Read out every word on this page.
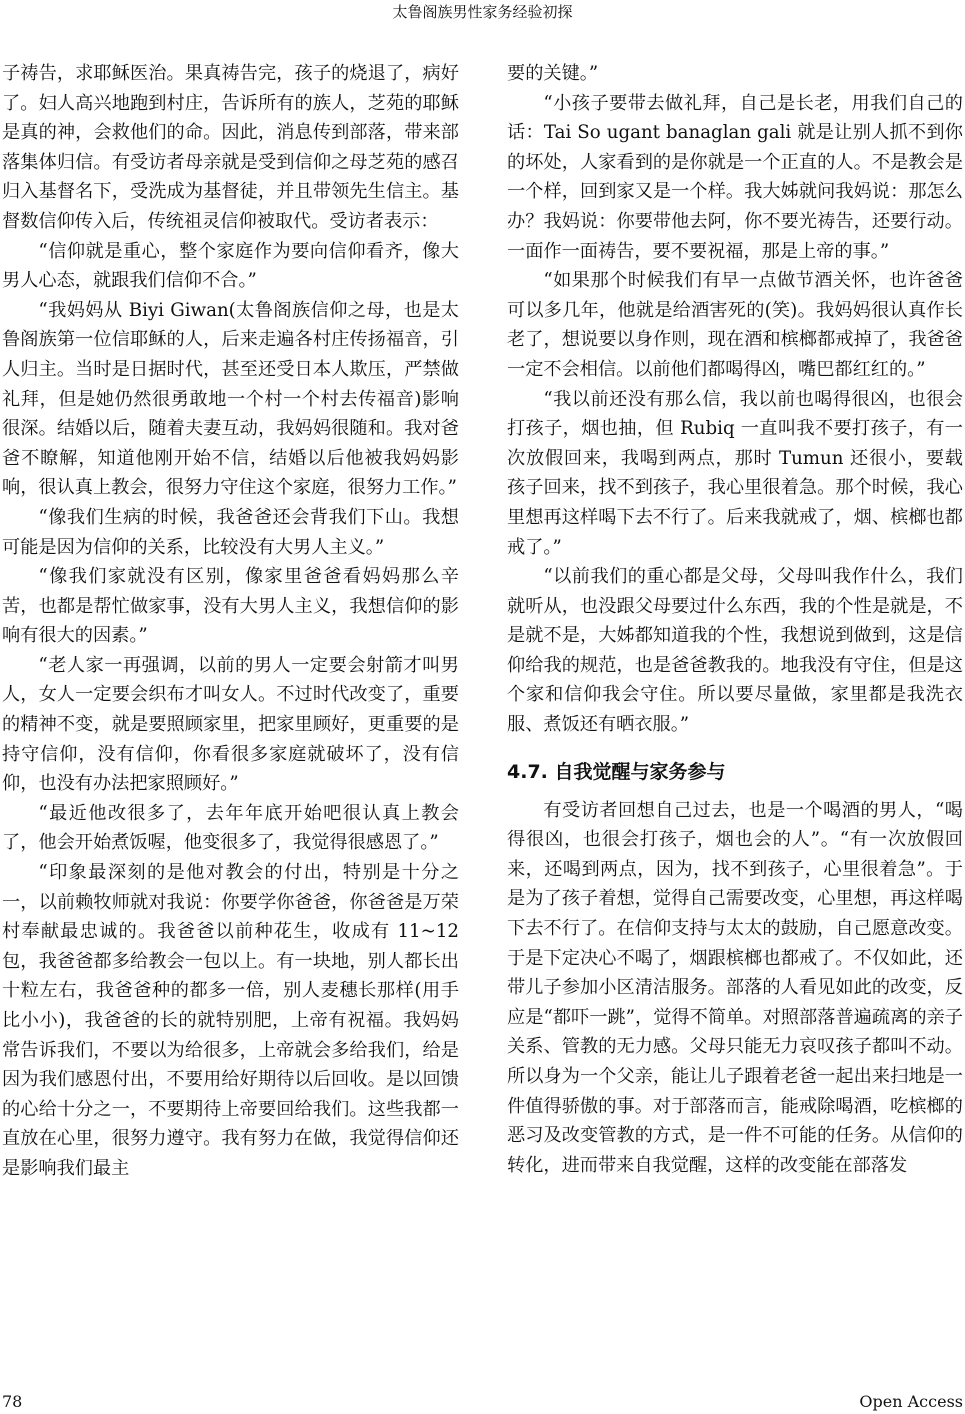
太鲁阁族男性家务经验初探

子祷告，求耶稣医治。果真祷告完，孩子的烧退了，病好了。妇人高兴地跑到村庄，告诉所有的族人，芝苑的耶稣是真的神，会救他们的命。因此，消息传到部落，带来部落集体归信。有受访者母亲就是受到信仰之母芝苑的感召归入基督名下，受洗成为基督徒，并且带领先生信主。基督数信仰传入后，传统祖灵信仰被取代。受访者表示：

“信仰就是重心，整个家庭作为要向信仰看齐，像大男人心态，就跟我们信仰不合。”

“我妈妈从 Biyi Giwan(太鲁阁族信仰之母，也是太鲁阁族第一位信耶稣的人，后来走遍各村庄传扬福音，引人归主。当时是日据时代，甚至还受日本人欺压，严禁做礼拜，但是她仍然很勇敢地一个村一个村去传福音)影响很深。结婚以后，随着夫妻互动，我妈妈很随和。我对爸爸不瞭解，知道他刚开始不信，结婚以后他被我妈妈影响，很认真上教会，很努力守住这个家庭，很努力工作。”

“像我们生病的时候，我爸爸还会背我们下山。我想可能是因为信仰的关系，比较没有大男人主义。”

“像我们家就没有区别，像家里爸爸看妈妈那么辛苦，也都是帮忙做家事，没有大男人主义，我想信仰的影响有很大的因素。”

“老人家一再强调，以前的男人一定要会射箭才叫男人，女人一定要会织布才叫女人。不过时代改变了，重要的精神不变，就是要照顾家里，把家里顾好，更重要的是持守信仰，没有信仰，你看很多家庭就破坏了，没有信仰，也没有办法把家照顾好。”

“最近他改很多了，去年年底开始吧很认真上教会了，他会开始煮饭喔，他变很多了，我觉得很感恩了。”

“印象最深刻的是他对教会的付出，特别是十分之一，以前赖牧师就对我说：你要学你爸爸，你爸爸是万荣村奉献最忠诚的。我爸爸以前种花生，收成有 11~12 包，我爸爸都多给教会一包以上。有一块地，别人都长出十粒左右，我爸爸种的都多一倍，别人麦穗长那样(用手比小小)，我爸爸的长的就特别肥，上帝有祝福。我妈妈常告诉我们，不要以为给很多，上帝就会多给我们，给是因为我们感恩付出，不要用给好期待以后回收。是以回馈的心给十分之一，不要期待上帝要回给我们。这些我都一直放在心里，很努力遵守。我有努力在做，我觉得信仰还是影响我们最主

要的关键。”

“小孩子要带去做礼拜，自己是长老，用我们自己的话：Tai So ugant banaglan gali 就是让别人抓不到你的坏处，人家看到的是你就是一个正直的人。不是教会是一个样，回到家又是一个样。我大姊就问我妈说：那怎么办？我妈说：你要带他去阿，你不要光祷告，还要行动。一面作一面祷告，要不要祝福，那是上帝的事。”

“如果那个时候我们有早一点做节酒关怀，也许爸爸可以多几年，他就是给酒害死的(笑)。我妈妈很认真作长老了，想说要以身作则，现在酒和槟榔都戒掉了，我爸爸一定不会相信。以前他们都喝得凶，嘴巴都红红的。”

“我以前还没有那么信，我以前也喝得很凶，也很会打孩子，烟也抽，但 Rubiq 一直叫我不要打孩子，有一次放假回来，我喝到两点，那时 Tumun 还很小，要载孩子回来，找不到孩子，我心里很着急。那个时候，我心里想再这样喝下去不行了。后来我就戒了，烟、槟榔也都戒了。”

“以前我们的重心都是父母，父母叫我作什么，我们就听从，也没跟父母要过什么东西，我的个性是就是，不是就不是，大姊都知道我的个性，我想说到做到，这是信仰给我的规范，也是爸爸教我的。地我没有守住，但是这个家和信仰我会守住。所以要尽量做，家里都是我洗衣服、煮饭还有晒衣服。”

4.7. 自我觉醒与家务参与

有受访者回想自己过去，也是一个喝酒的男人，“喝得很凶，也很会打孩子，烟也会的人”。“有一次放假回来，还喝到两点，因为，找不到孩子，心里很着急”。于是为了孩子着想，觉得自己需要改变，心里想，再这样喝下去不行了。在信仰支持与太太的鼓励，自己愿意改变。于是下定决心不喝了，烟跟槟榔也都戒了。不仅如此，还带儿子参加小区清洁服务。部落的人看见如此的改变，反应是“都吓一跳”，觉得不简单。对照部落普遍疏离的亲子关系、管教的无力感。父母只能无力哀叹孩子都叫不动。所以身为一个父亲，能让儿子跟着老爸一起出来扫地是一件值得骄傲的事。对于部落而言，能戒除喝酒，吃槟榔的恶习及改变管教的方式，是一件不可能的任务。从信仰的转化，进而带来自我觉醒，这样的改变能在部落发

78	Open Access
